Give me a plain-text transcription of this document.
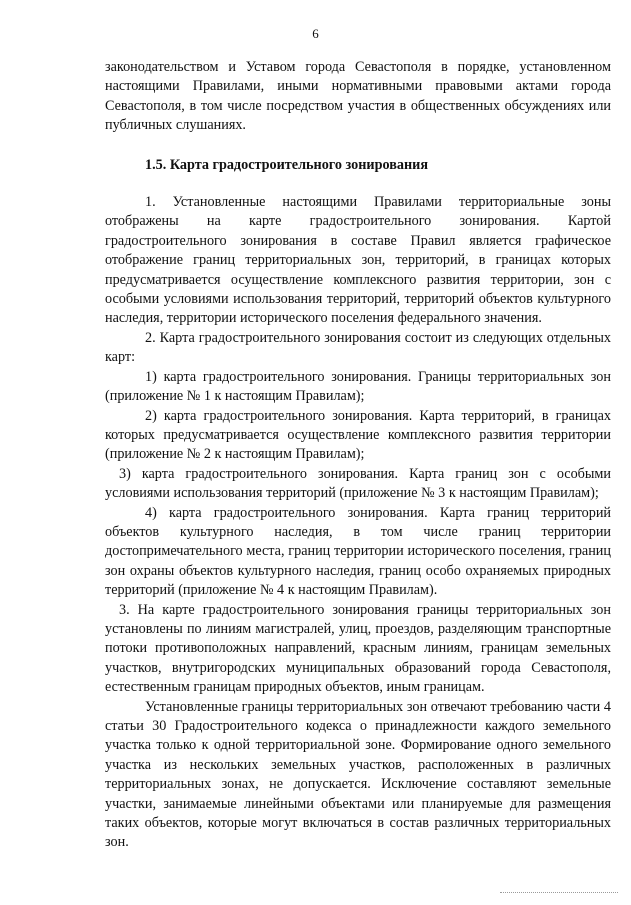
6

законодательством и Уставом города Севастополя в порядке, установленном настоящими Правилами, иными нормативными правовыми актами города Севастополя, в том числе посредством участия в общественных обсуждениях или публичных слушаниях.

1.5. Карта градостроительного зонирования

1. Установленные настоящими Правилами территориальные зоны отображены на карте градостроительного зонирования. Картой градостроительного зонирования в составе Правил является графическое отображение границ территориальных зон, территорий, в границах которых предусматривается осуществление комплексного развития территории, зон с особыми условиями использования территорий, территорий объектов культурного наследия, территории исторического поселения федерального значения.

2. Карта градостроительного зонирования состоит из следующих отдельных карт:

1) карта градостроительного зонирования. Границы территориальных зон (приложение № 1 к настоящим Правилам);

2) карта градостроительного зонирования. Карта территорий, в границах которых предусматривается осуществление комплексного развития территории (приложение № 2 к настоящим Правилам);

3) карта градостроительного зонирования. Карта границ зон с особыми условиями использования территорий (приложение № 3 к настоящим Правилам);

4) карта градостроительного зонирования. Карта границ территорий объектов культурного наследия, в том числе границ территории достопримечательного места, границ территории исторического поселения, границ зон охраны объектов культурного наследия, границ особо охраняемых природных территорий (приложение № 4 к настоящим Правилам).

3. На карте градостроительного зонирования границы территориальных зон установлены по линиям магистралей, улиц, проездов, разделяющим транспортные потоки противоположных направлений, красным линиям, границам земельных участков, внутригородских муниципальных образований города Севастополя, естественным границам природных объектов, иным границам.

Установленные границы территориальных зон отвечают требованию части 4 статьи 30 Градостроительного кодекса о принадлежности каждого земельного участка только к одной территориальной зоне. Формирование одного земельного участка из нескольких земельных участков, расположенных в различных территориальных зонах, не допускается. Исключение составляют земельные участки, занимаемые линейными объектами или планируемые для размещения таких объектов, которые могут включаться в состав различных территориальных зон.
